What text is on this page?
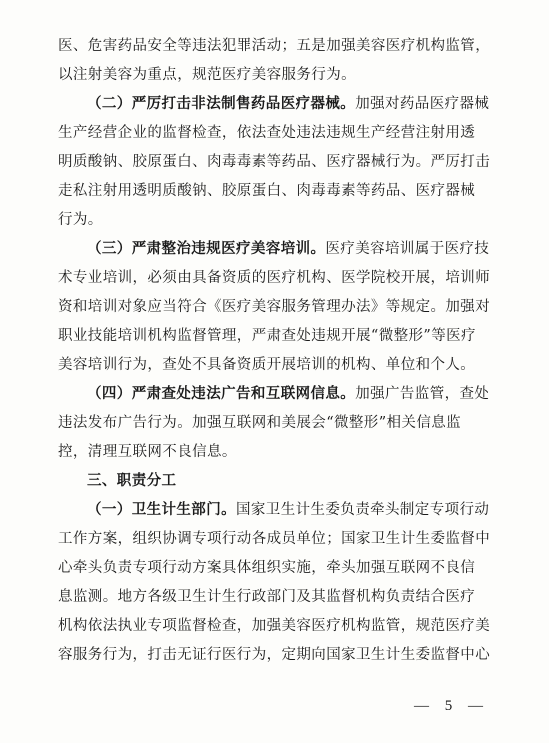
医、危害药品安全等违法犯罪活动；五是加强美容医疗机构监管，
以注射美容为重点，规范医疗美容服务行为。
（二）严厉打击非法制售药品医疗器械。加强对药品医疗器械
生产经营企业的监督检查，依法查处违法违规生产经营注射用透
明质酸钠、胶原蛋白、肉毒毒素等药品、医疗器械行为。严厉打击
走私注射用透明质酸钠、胶原蛋白、肉毒毒素等药品、医疗器械
行为。
（三）严肃整治违规医疗美容培训。医疗美容培训属于医疗技
术专业培训，必须由具备资质的医疗机构、医学院校开展，培训师
资和培训对象应当符合《医疗美容服务管理办法》等规定。加强对
职业技能培训机构监督管理，严肃查处违规开展“微整形”等医疗
美容培训行为，查处不具备资质开展培训的机构、单位和个人。
（四）严肃查处违法广告和互联网信息。加强广告监管，查处
违法发布广告行为。加强互联网和美展会“微整形”相关信息监
控，清理互联网不良信息。
三、职责分工
（一）卫生计生部门。国家卫生计生委负责牵头制定专项行动
工作方案，组织协调专项行动各成员单位；国家卫生计生委监督中
心牵头负责专项行动方案具体组织实施，牵头加强互联网不良信
息监测。地方各级卫生计生行政部门及其监督机构负责结合医疗
机构依法执业专项监督检查，加强美容医疗机构监管，规范医疗美
容服务行为，打击无证行医行为，定期向国家卫生计生委监督中心
— 5 —
